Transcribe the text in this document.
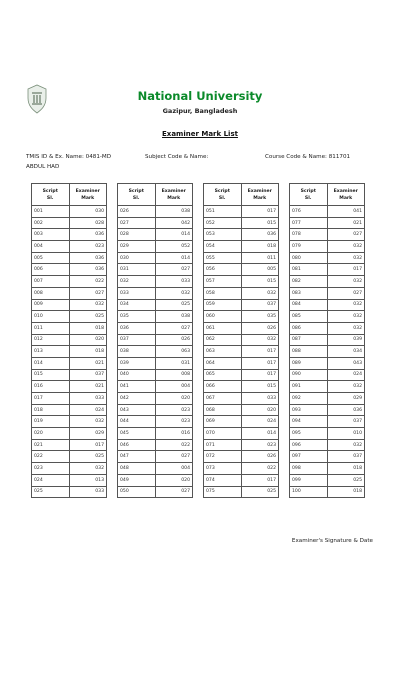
National University
Gazipur, Bangladesh
Examiner Mark List
TMIS ID & Ex. Name: 0481-MD	Subject Code & Name:	Course Code & Name: 811701
ABDUL HAD
Script
Sl.	Examiner
Mark
001	030
002	028
003	036
004	023
005	036
006	036
007	022
008	027
009	032
010	025
011	018
012	020
013	018
014	021
015	037
016	021
017	033
018	024
019	032
020	029
021	017
022	025
023	032
024	013
025	033
Script
Sl.	Examiner
Mark
026	038
027	042
028	014
029	052
030	014
031	027
032	033
033	032
034	025
035	038
036	027
037	026
038	063
039	031
040	008
041	004
042	020
043	023
044	023
045	016
046	022
047	027
048	004
049	020
050	027
Script
Sl.	Examiner
Mark
051	017
052	015
053	036
054	018
055	011
056	005
057	015
058	032
059	037
060	035
061	026
062	032
063	017
064	017
065	017
066	015
067	033
068	020
069	024
070	014
071	023
072	026
073	022
074	017
075	025
Script
Sl.	Examiner
Mark
076	041
077	021
078	027
079	032
080	032
081	017
082	032
083	027
084	032
085	032
086	032
087	039
088	034
089	043
090	024
091	032
092	029
093	036
094	037
095	010
096	032
097	037
098	018
099	025
100	018
Examiner's Signature & Date
